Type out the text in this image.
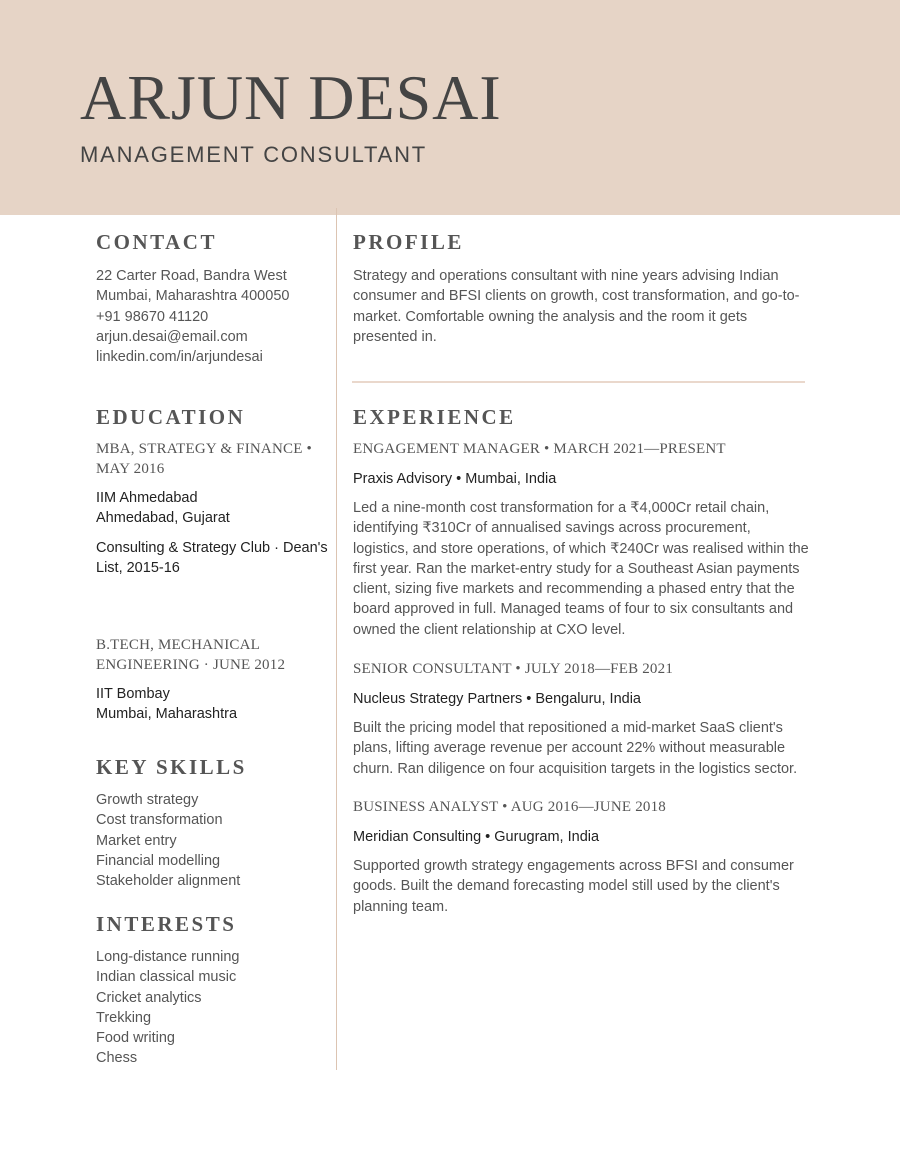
ARJUN DESAI
MANAGEMENT CONSULTANT
CONTACT
22 Carter Road, Bandra West
Mumbai, Maharashtra 400050
+91 98670 41120
arjun.desai@email.com
linkedin.com/in/arjundesai
EDUCATION
MBA, STRATEGY & FINANCE • MAY 2016
IIM Ahmedabad
Ahmedabad, Gujarat
Consulting & Strategy Club · Dean's List, 2015-16
B.TECH, MECHANICAL ENGINEERING · JUNE 2012
IIT Bombay
Mumbai, Maharashtra
KEY SKILLS
Growth strategy
Cost transformation
Market entry
Financial modelling
Stakeholder alignment
INTERESTS
Long-distance running
Indian classical music
Cricket analytics
Trekking
Food writing
Chess
PROFILE
Strategy and operations consultant with nine years advising Indian consumer and BFSI clients on growth, cost transformation, and go-to-market. Comfortable owning the analysis and the room it gets presented in.
EXPERIENCE
ENGAGEMENT MANAGER • MARCH 2021—PRESENT
Praxis Advisory • Mumbai, India
Led a nine-month cost transformation for a ₹4,000Cr retail chain, identifying ₹310Cr of annualised savings across procurement, logistics, and store operations, of which ₹240Cr was realised within the first year. Ran the market-entry study for a Southeast Asian payments client, sizing five markets and recommending a phased entry that the board approved in full. Managed teams of four to six consultants and owned the client relationship at CXO level.
SENIOR CONSULTANT • JULY 2018—FEB 2021
Nucleus Strategy Partners • Bengaluru, India
Built the pricing model that repositioned a mid-market SaaS client's plans, lifting average revenue per account 22% without measurable churn. Ran diligence on four acquisition targets in the logistics sector.
BUSINESS ANALYST • AUG 2016—JUNE 2018
Meridian Consulting • Gurugram, India
Supported growth strategy engagements across BFSI and consumer goods. Built the demand forecasting model still used by the client's planning team.
